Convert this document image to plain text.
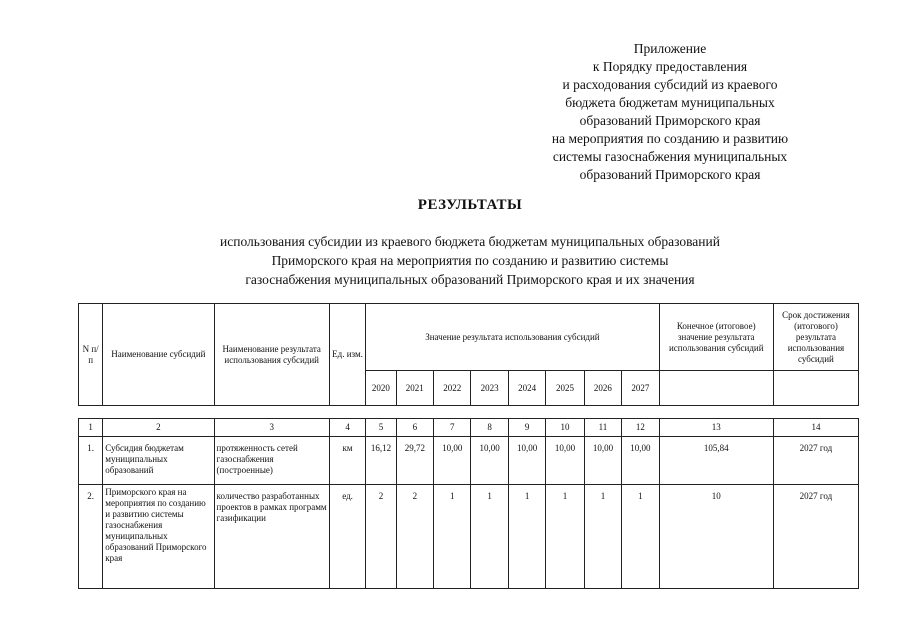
Приложение
к Порядку предоставления
и расходования субсидий из краевого
бюджета бюджетам муниципальных
образований Приморского края
на мероприятия по созданию и развитию
системы газоснабжения муниципальных
образований Приморского края
РЕЗУЛЬТАТЫ
использования субсидии из краевого бюджета бюджетам муниципальных образований
Приморского края на мероприятия по созданию и развитию системы
газоснабжения муниципальных образований Приморского края и их значения
N п/п	Наименование субсидий	Наименование результата использования субсидий	Ед. изм.	Значение результата использования субсидий								Конечное (итоговое) значение результата использования субсидий	Срок достижения (итогового) результата использования субсидий
				2020	2021	2022	2023	2024	2025	2026	2027		
1	2	3	4	5	6	7	8	9	10	11	12	13	14
1.	Субсидия бюджетам муниципальных образований	протяженность сетей газоснабжения (построенные)	км	16,12	29,72	10,00	10,00	10,00	10,00	10,00	10,00	105,84	2027 год
2.	Приморского края на мероприятия по созданию и развитию системы газоснабжения муниципальных образований Приморского края	количество разработанных проектов в рамках программ газификации	ед.	2	2	1	1	1	1	1	1	10	2027 год
